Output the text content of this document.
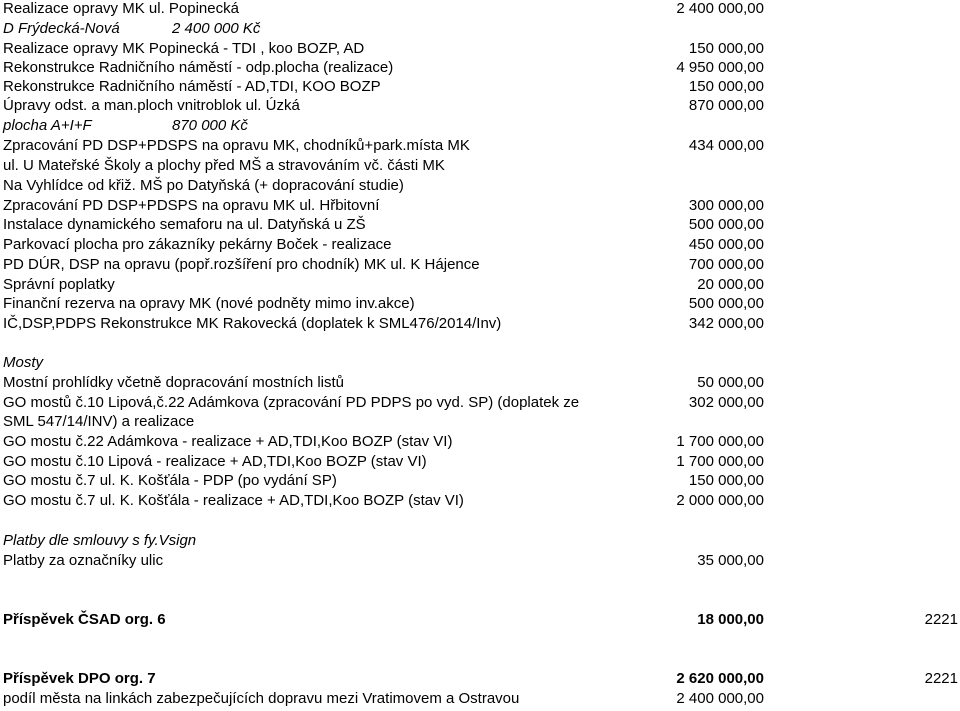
Realizace opravy MK ul. Popinecká	2 400 000,00
D Frýdecká-Nová	2 400 000 Kč
Realizace opravy MK Popinecká - TDI , koo BOZP, AD	150 000,00
Rekonstrukce Radničního náměstí - odp.plocha (realizace)	4 950 000,00
Rekonstrukce Radničního náměstí - AD,TDI, KOO BOZP	150 000,00
Úpravy odst. a man.ploch vnitroblok ul. Úzká	870 000,00
plocha A+I+F	870 000 Kč
Zpracování PD DSP+PDSPS na opravu MK, chodníků+park.místa MK	434 000,00
ul. U Mateřské Školy a plochy před MŠ a stravováním vč. části MK
Na Vyhlídce od křiž. MŠ po Datyňská (+ dopracování studie)
Zpracování PD DSP+PDSPS na opravu MK ul. Hřbitovní	300 000,00
Instalace dynamického semaforu na ul. Datyňská u ZŠ	500 000,00
Parkovací plocha pro zákazníky pekárny Boček - realizace	450 000,00
PD DÚR, DSP na opravu (popř.rozšíření pro chodník) MK ul. K Hájence	700 000,00
Správní poplatky	20 000,00
Finanční rezerva na opravy MK (nové podněty mimo inv.akce)	500 000,00
IČ,DSP,PDPS Rekonstrukce MK Rakovecká (doplatek k SML476/2014/Inv)	342 000,00
Mosty
Mostní prohlídky včetně dopracování mostních listů	50 000,00
GO mostů č.10 Lipová,č.22 Adámkova (zpracování PD PDPS po vyd. SP) (doplatek ze	302 000,00
SML 547/14/INV) a realizace
GO mostu č.22 Adámkova - realizace + AD,TDI,Koo BOZP (stav VI)	1 700 000,00
GO mostu č.10 Lipová - realizace + AD,TDI,Koo BOZP (stav VI)	1 700 000,00
GO mostu č.7 ul. K. Košťála - PDP (po vydání SP)	150 000,00
GO mostu č.7 ul. K. Košťála - realizace + AD,TDI,Koo BOZP (stav VI)	2 000 000,00
Platby dle smlouvy s fy.Vsign
Platby za označníky ulic	35 000,00
Příspěvek ČSAD org. 6	18 000,00	2221
Příspěvek DPO org. 7	2 620 000,00	2221
podíl města na linkách zabezpečujících dopravu mezi Vratimovem a Ostravou	2 400 000,00
